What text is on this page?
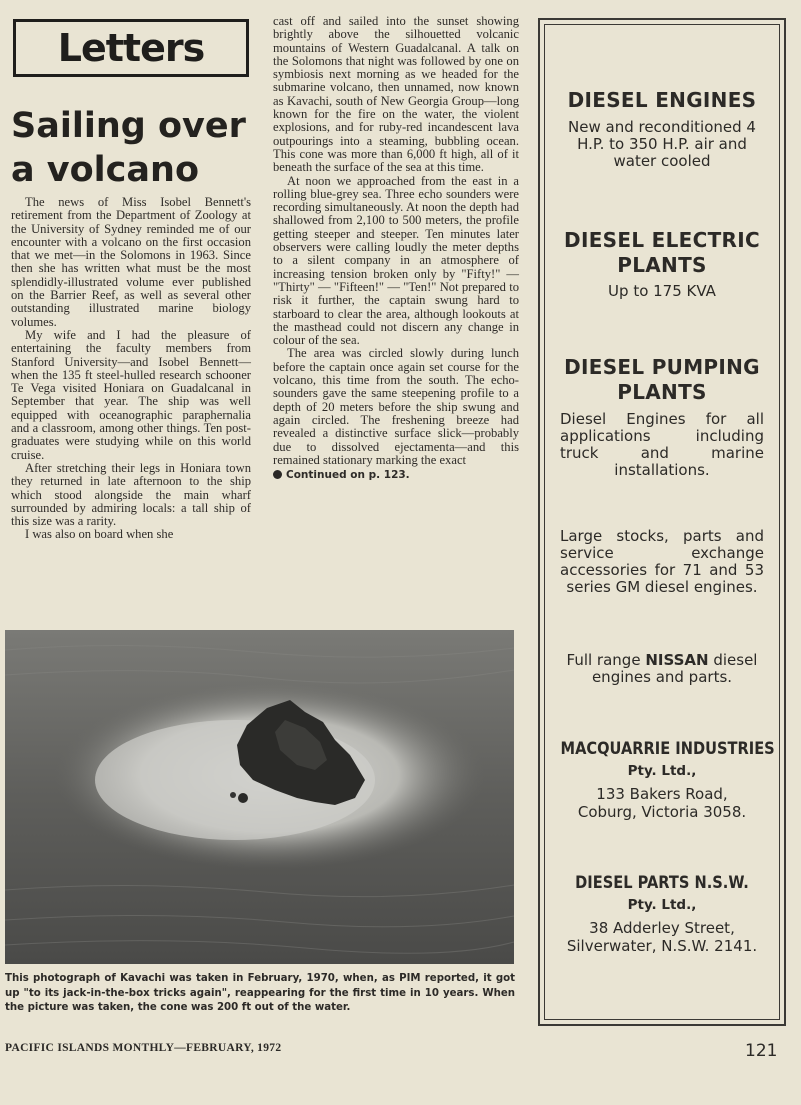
Letters
Sailing over
a volcano

The news of Miss Isobel Bennett's retirement from the Department of Zoology at the University of Sydney reminded me of our encounter with a volcano on the first occasion that we met—in the Solomons in 1963. Since then she has written what must be the most splendidly-illustrated volume ever published on the Barrier Reef, as well as several other outstanding illustrated marine biology volumes.

My wife and I had the pleasure of entertaining the faculty members from Stanford University—and Isobel Bennett—when the 135 ft steel-hulled research schooner Te Vega visited Honiara on Guadalcanal in September that year. The ship was well equipped with oceanographic paraphernalia and a classroom, among other things. Ten post-graduates were studying while on this world cruise.

After stretching their legs in Honiara town they returned in late afternoon to the ship which stood alongside the main wharf surrounded by admiring locals: a tall ship of this size was a rarity.

I was also on board when she

cast off and sailed into the sunset showing brightly above the silhouetted volcanic mountains of Western Guadalcanal. A talk on the Solomons that night was followed by one on symbiosis next morning as we headed for the submarine volcano, then unnamed, now known as Kavachi, south of New Georgia Group—long known for the fire on the water, the violent explosions, and for ruby-red incandescent lava outpourings into a steaming, bubbling ocean. This cone was more than 6,000 ft high, all of it beneath the surface of the sea at this time.

At noon we approached from the east in a rolling blue-grey sea. Three echo sounders were recording simultaneously. At noon the depth had shallowed from 2,100 to 500 meters, the profile getting steeper and steeper. Ten minutes later observers were calling loudly the meter depths to a silent company in an atmosphere of increasing tension broken only by "Fifty!" — "Thirty" — "Fifteen!" — "Ten!" Not prepared to risk it further, the captain swung hard to starboard to clear the area, although lookouts at the masthead could not discern any change in colour of the sea.

The area was circled slowly during lunch before the captain once again set course for the volcano, this time from the south. The echo-sounders gave the same steepening profile to a depth of 20 meters before the ship swung and again circled. The freshening breeze had revealed a distinctive surface slick—probably due to dissolved ejectamenta—and this remained stationary marking the exact

Continued on p. 123.

This photograph of Kavachi was taken in February, 1970, when, as PIM reported, it got up "to its jack-in-the-box tricks again", reappearing for the first time in 10 years. When the picture was taken, the cone was 200 ft out of the water.
PACIFIC ISLANDS MONTHLY—FEBRUARY, 1972	121
DIESEL ENGINES
New and reconditioned 4 H.P. to 350 H.P. air and water cooled
DIESEL ELECTRIC PLANTS
Up to 175 KVA
DIESEL PUMPING PLANTS
Diesel Engines for all applications including truck and marine installations.
Large stocks, parts and service exchange accessories for 71 and 53 series GM diesel engines.
Full range NISSAN diesel engines and parts.
MACQUARRIE INDUSTRIES
Pty. Ltd.,
133 Bakers Road,
Coburg, Victoria 3058.
DIESEL PARTS N.S.W.
Pty. Ltd.,
38 Adderley Street,
Silverwater, N.S.W. 2141.
